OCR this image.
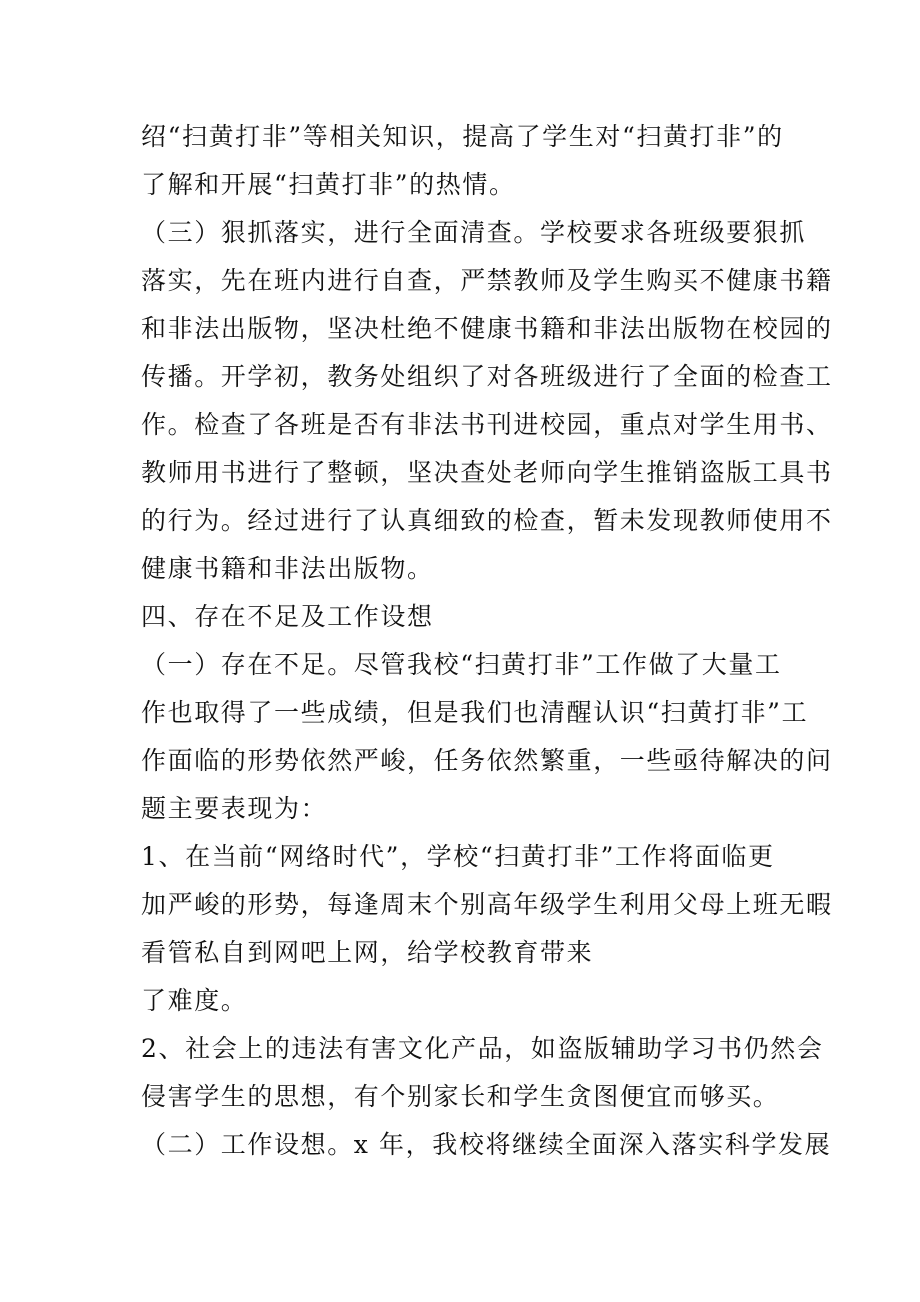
绍“扫黄打非”等相关知识，提高了学生对“扫黄打非”的
了解和开展“扫黄打非”的热情。
（三）狠抓落实，进行全面清查。学校要求各班级要狠抓
落实，先在班内进行自查，严禁教师及学生购买不健康书籍
和非法出版物，坚决杜绝不健康书籍和非法出版物在校园的
传播。开学初，教务处组织了对各班级进行了全面的检查工
作。检查了各班是否有非法书刊进校园，重点对学生用书、
教师用书进行了整顿，坚决查处老师向学生推销盗版工具书
的行为。经过进行了认真细致的检查，暂未发现教师使用不
健康书籍和非法出版物。
四、存在不足及工作设想
（一）存在不足。尽管我校“扫黄打非”工作做了大量工
作也取得了一些成绩，但是我们也清醒认识“扫黄打非”工
作面临的形势依然严峻，任务依然繁重，一些亟待解决的问
题主要表现为：
1、在当前“网络时代”，学校“扫黄打非”工作将面临更
加严峻的形势，每逢周末个别高年级学生利用父母上班无暇
看管私自到网吧上网，给学校教育带来
了难度。
2、社会上的违法有害文化产品，如盗版辅助学习书仍然会
侵害学生的思想，有个别家长和学生贪图便宜而够买。
（二）工作设想。x 年，我校将继续全面深入落实科学发展
